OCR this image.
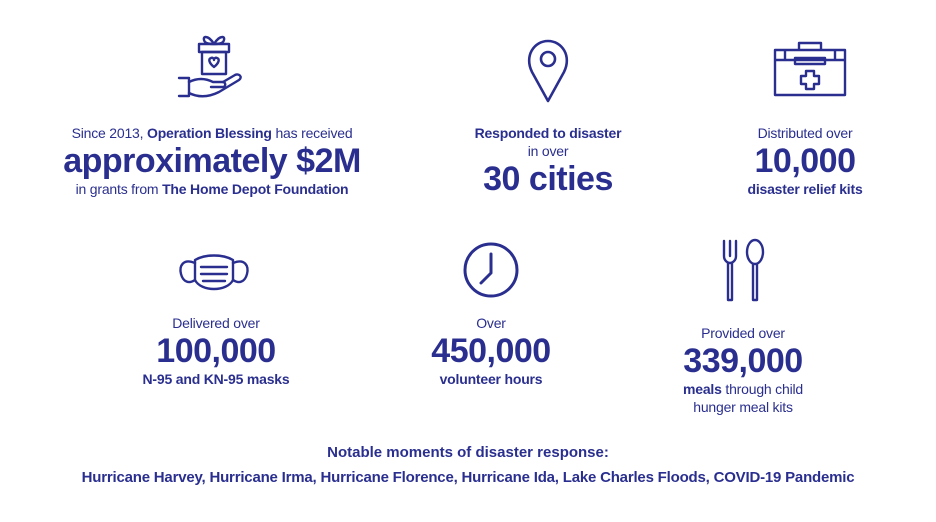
Since 2013, Operation Blessing has received
approximately $2M
in grants from The Home Depot Foundation
Responded to disaster
in over
30 cities
Distributed over
10,000
disaster relief kits
Delivered over
100,000
N-95 and KN-95 masks
Over
450,000
volunteer hours
Provided over
339,000
meals through child
hunger meal kits
Notable moments of disaster response:
Hurricane Harvey, Hurricane Irma, Hurricane Florence, Hurricane Ida, Lake Charles Floods, COVID-19 Pandemic
